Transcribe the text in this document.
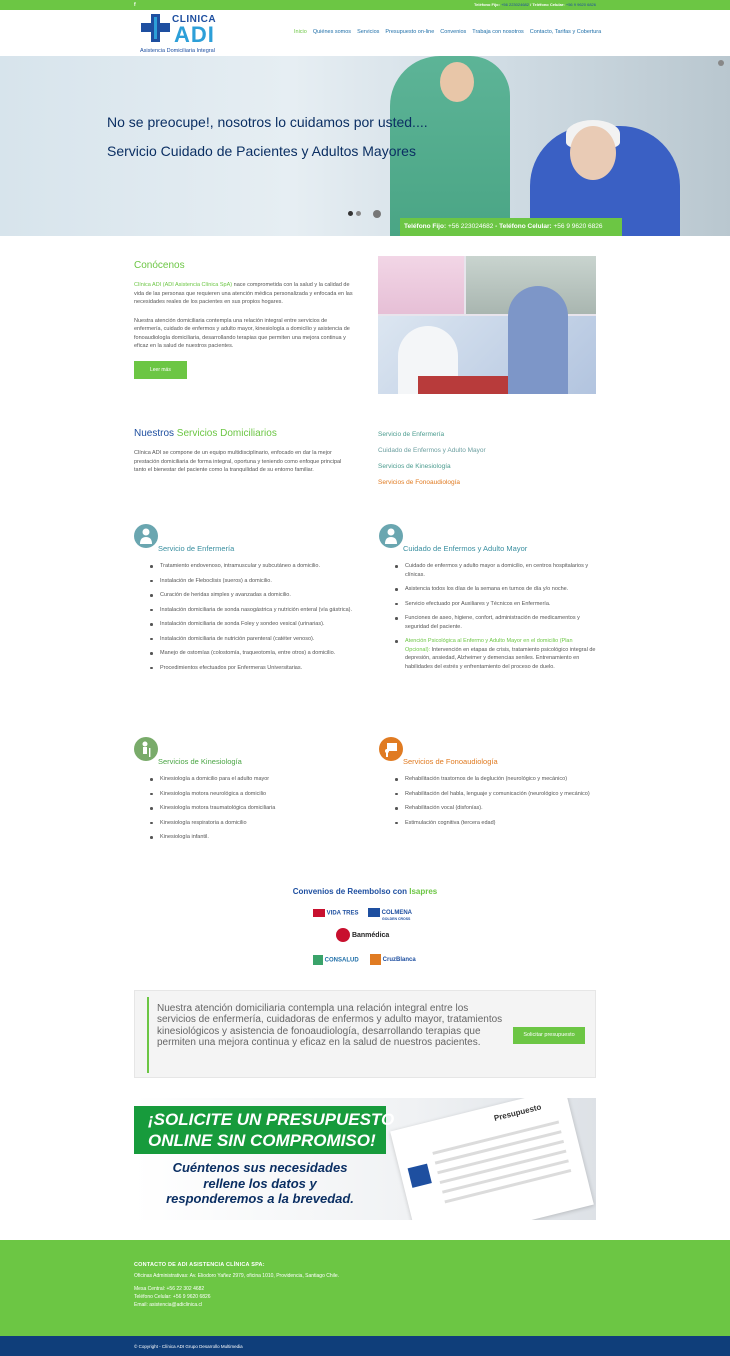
f	Teléfono Fijo: +56 223024682 / Teléfono Celular: +56 9 9620 6826
CLINICA
ADI
Asistencia Domiciliaria Integral
Inicio Quiénes somos Servicios Presupuesto on-line Convenios Trabaja con nosotros Contacto, Tarifas y Cobertura
No se preocupe!, nosotros lo cuidamos por usted....
Servicio Cuidado de Pacientes y Adultos Mayores
Teléfono Fijo: +56 223024682 - Teléfono Celular: +56 9 9620 6826
Conócenos

Clínica ADI (ADI Asistencia Clínica SpA) nace comprometida con la salud y la calidad de vida de las personas que requieren una atención médica personalizada y enfocada en las necesidades reales de los pacientes en sus propios hogares.

Nuestra atención domiciliaria contempla una relación integral entre servicios de enfermería, cuidado de enfermos y adulto mayor, kinesiología a domicilio y asistencia de fonoaudiología domiciliaria, desarrollando terapias que permiten una mejora continua y eficaz en la salud de nuestros pacientes.

Leer más
Nuestros Servicios Domiciliarios

Clínica ADI se compone de un equipo multidisciplinario, enfocado en dar la mejor prestación domiciliaria de forma integral, oportuna y teniendo como enfoque principal tanto el bienestar del paciente como la tranquilidad de su entorno familiar.

Servicio de Enfermería
Cuidado de Enfermos y Adulto Mayor
Servicios de Kinesiología
Servicios de Fonoaudiología
Servicio de Enfermería
Tratamiento endovenoso, intramuscular y subcutáneo a domicilio.
Instalación de Fleboclisis (sueros) a domicilio.
Curación de heridas simples y avanzadas a domicilio.
Instalación domiciliaria de sonda nasogástrica y nutrición enteral (vía gástrica).
Instalación domiciliaria de sonda Foley y sondeo vesical (urinarias).
Instalación domiciliaria de nutrición parenteral (catéter venoso).
Manejo de ostomías (colostomía, traqueotomía, entre otros) a domicilio.
Procedimientos efectuados por Enfermeras Universitarias.
Cuidado de Enfermos y Adulto Mayor
Cuidado de enfermos y adulto mayor a domicilio, en centros hospitalarios y clínicas.
Asistencia todos los días de la semana en turnos de día y/o noche.
Servicio efectuado por Auxiliares y Técnicos en Enfermería.
Funciones de aseo, higiene, confort, administración de medicamentos y seguridad del paciente.
Atención Psicológica al Enfermo y Adulto Mayor en el domicilio (Plan Opcional): Intervención en etapas de crisis, tratamiento psicológico integral de depresión, ansiedad, Alzheimer y demencias seniles. Entrenamiento en habilidades del estrés y enfrentamiento del proceso de duelo.
Servicios de Kinesiología
Kinesiología a domicilio para el adulto mayor
Kinesiología motora neurológica a domicilio
Kinesiología motora traumatológica domiciliaria
Kinesiología respiratoria a domicilio
Kinesiología infantil.
Servicios de Fonoaudiología
Rehabilitación trastornos de la deglución (neurológico y mecánico)
Rehabilitación del habla, lenguaje y comunicación (neurológico y mecánico)
Rehabilitación vocal (disfonías).
Estimulación cognitiva (tercera edad)
Convenios de Reembolso con Isapres
VIDA TRES	COLMENA
GOLDEN CROSS
Banmédica
CONSALUD	CruzBlanca

Nuestra atención domiciliaria contempla una relación integral entre los servicios de enfermería, cuidadoras de enfermos y adulto mayor, tratamientos kinesiológicos y asistencia de fonoaudiología, desarrollando terapias que permiten una mejora continua y eficaz en la salud de nuestros pacientes.

Solicitar presupuesto
¡SOLICITE UN PRESUPUESTO
ONLINE SIN COMPROMISO!
Cuéntenos sus necesidades
rellene los datos y
responderemos a la brevedad.
Presupuesto
CONTACTO DE ADI ASISTENCIA CLÍNICA SPA:
Oficinas Administrativas: Av. Eliodoro Yañez 2979, oficina 1010, Providencia, Santiago Chile.
Mesa Central: +56 22 302 4682
Teléfono Celular: +56 9 9620 6826
Email: asistencia@adiclinica.cl
© Copyright - Clínica ADI Grupo Desarrollo Multimedia
